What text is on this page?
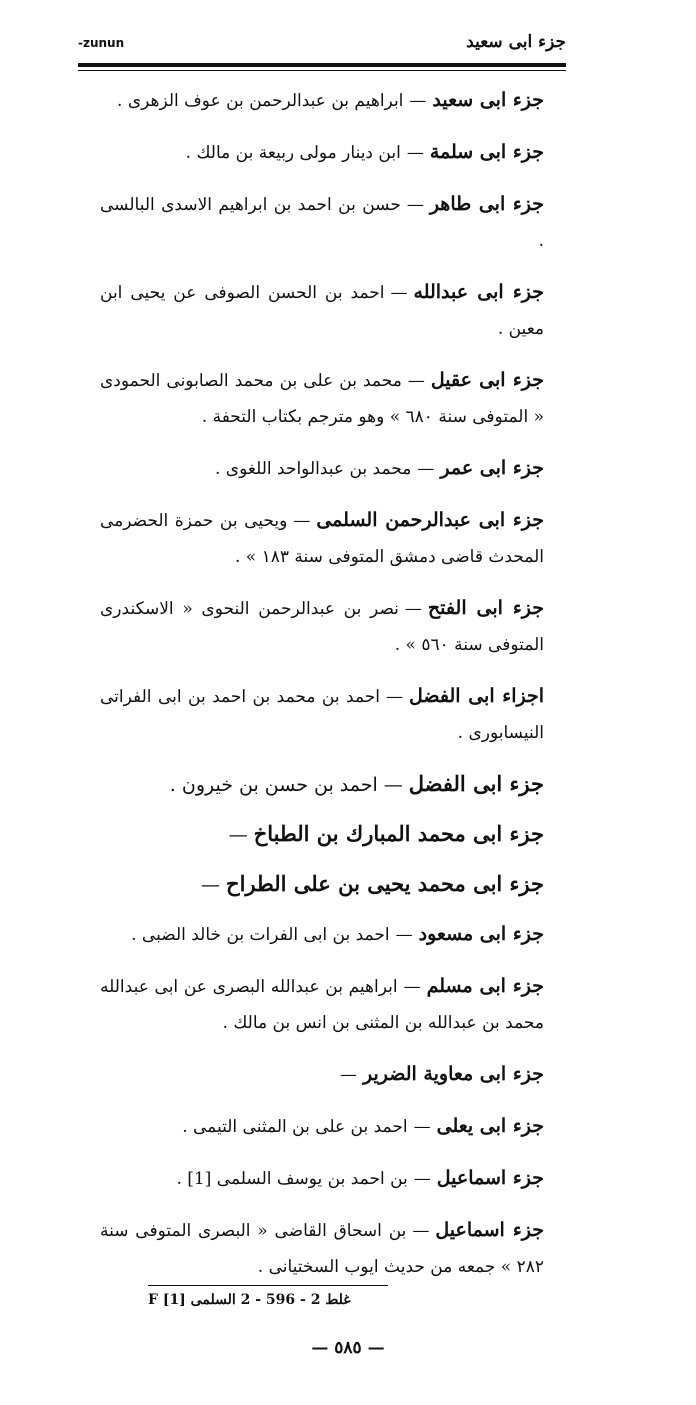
-zunun	جزء ابى سعيد

جزء ابى سعيد—ابراهيم بن عبدالرحمن بن عوف الزهرى .

جزء ابى سلمة—ابن دينار مولى ربيعة بن مالك .

جزء ابى طاهر—حسن بن احمد بن ابراهيم الاسدى البالسى .

جزء ابى عبدالله—احمد بن الحسن الصوفى عن يحيى ابن معين .

جزء ابى عقيل—محمد بن على بن محمد الصابونى الحمودى « المتوفى سنة ٦٨٠ » وهو مترجم بكتاب التحفة .

جزء ابى عمر—محمد بن عبدالواحد اللغوى .

جزء ابى عبدالرحمن السلمى—ويحيى بن حمزة الحضرمى المحدث قاضى دمشق المتوفى سنة ١٨٣ » .

جزء ابى الفتح—نصر بن عبدالرحمن النحوى « الاسكندرى المتوفى سنة ٥٦٠ » .

اجزاء ابى الفضل—احمد بن محمد بن احمد بن ابى الفراتى النيسابورى .

جزء ابى الفضل—احمد بن حسن بن خيرون .

جزء ابى محمد المبارك بن الطباخ—

جزء ابى محمد يحيى بن على الطراح—

جزء ابى مسعود—احمد بن ابى الفرات بن خالد الضبى .

جزء ابى مسلم—ابراهيم بن عبدالله البصرى عن ابى عبدالله محمد بن عبدالله بن المثنى بن انس بن مالك .

جزء ابى معاوية الضرير—

جزء ابى يعلى—احمد بن على بن المثنى التيمى .

جزء اسماعيل—بن احمد بن يوسف السلمى [1] .

جزء اسماعيل—بن اسحاق القاضى « البصرى المتوفى سنة ٢٨٢ » جمعه من حديث ايوب السختيانى .

غلط 2 - 596 - 2 السلمى F [1]
— ٥٨٥ —
